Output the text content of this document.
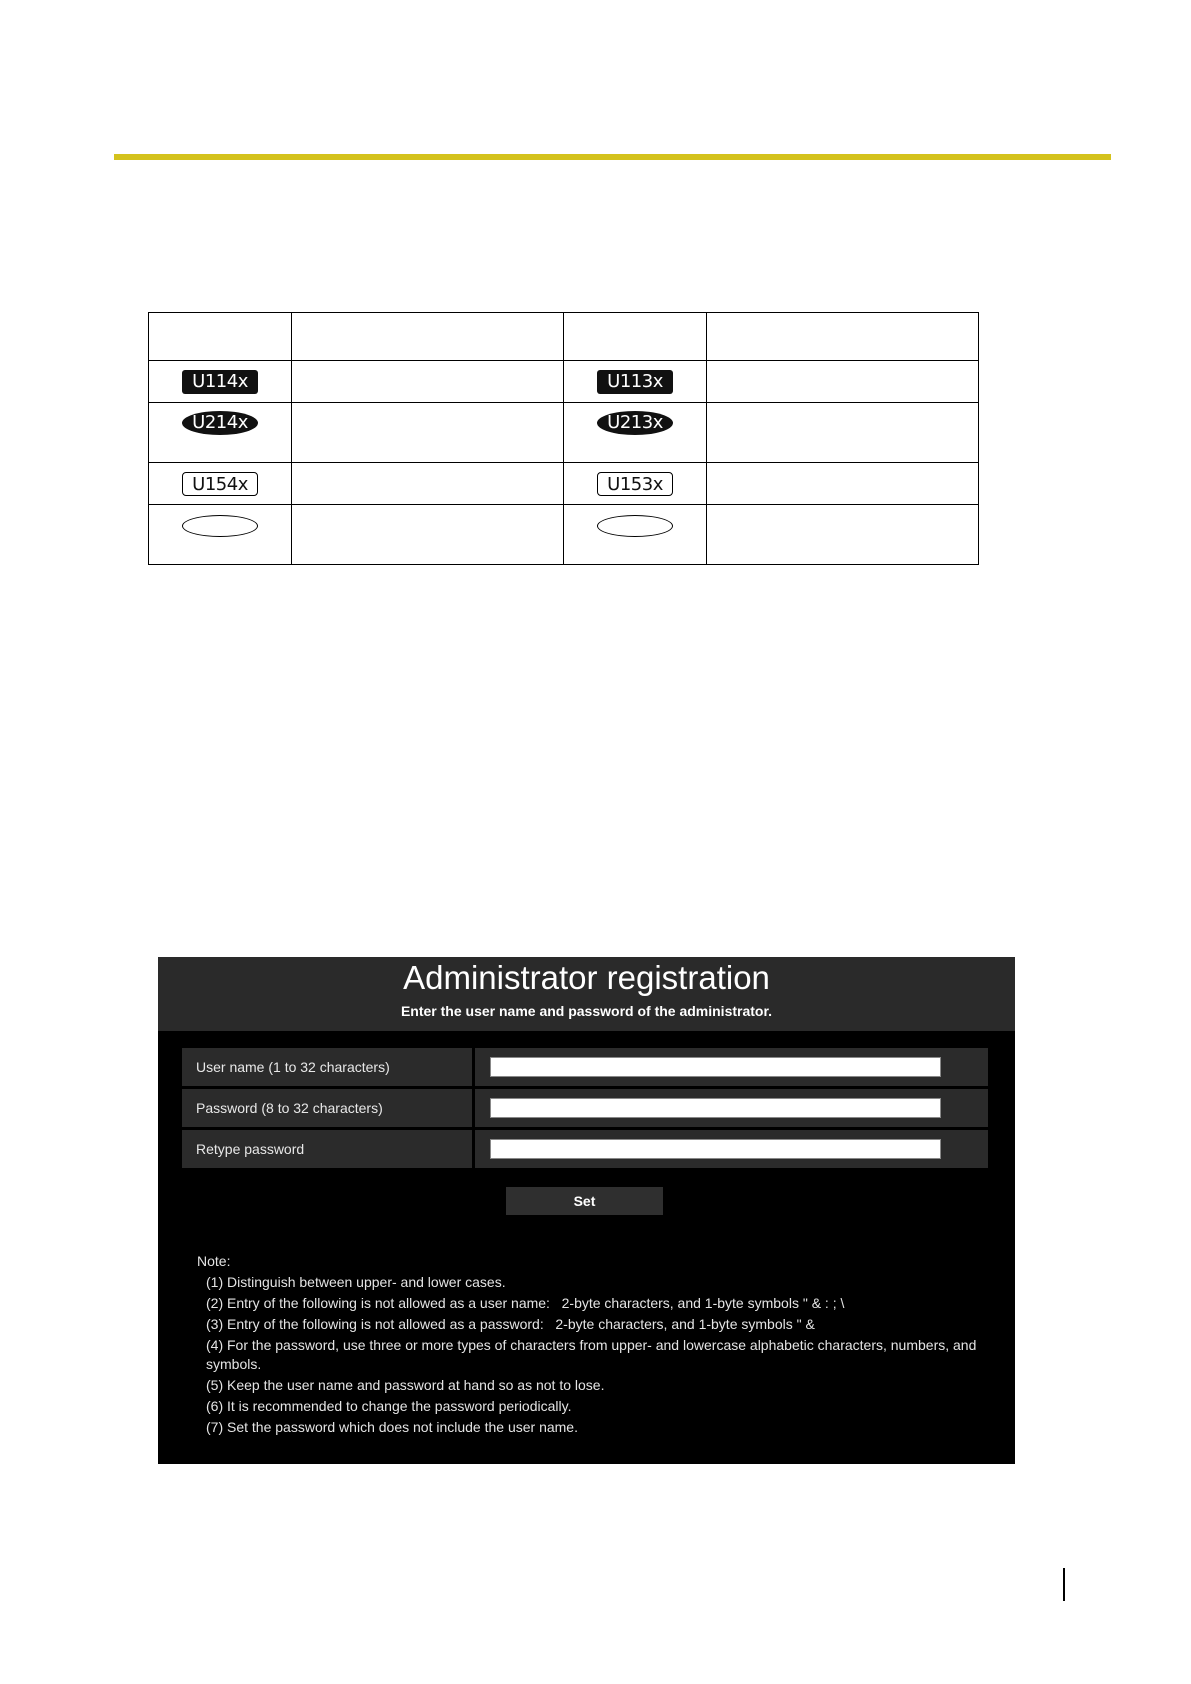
U114x		U113x	
U214x		U213x	
U154x		U153x	

Administrator registration
Enter the user name and password of the administrator.
User name (1 to 32 characters)
Password (8 to 32 characters)
Retype password
Set
Note:
(1) Distinguish between upper- and lower cases.
(2) Entry of the following is not allowed as a user name:   2-byte characters, and 1-byte symbols " & : ; \
(3) Entry of the following is not allowed as a password:   2-byte characters, and 1-byte symbols " &
(4) For the password, use three or more types of characters from upper- and lowercase alphabetic characters, numbers, and symbols.
(5) Keep the user name and password at hand so as not to lose.
(6) It is recommended to change the password periodically.
(7) Set the password which does not include the user name.
